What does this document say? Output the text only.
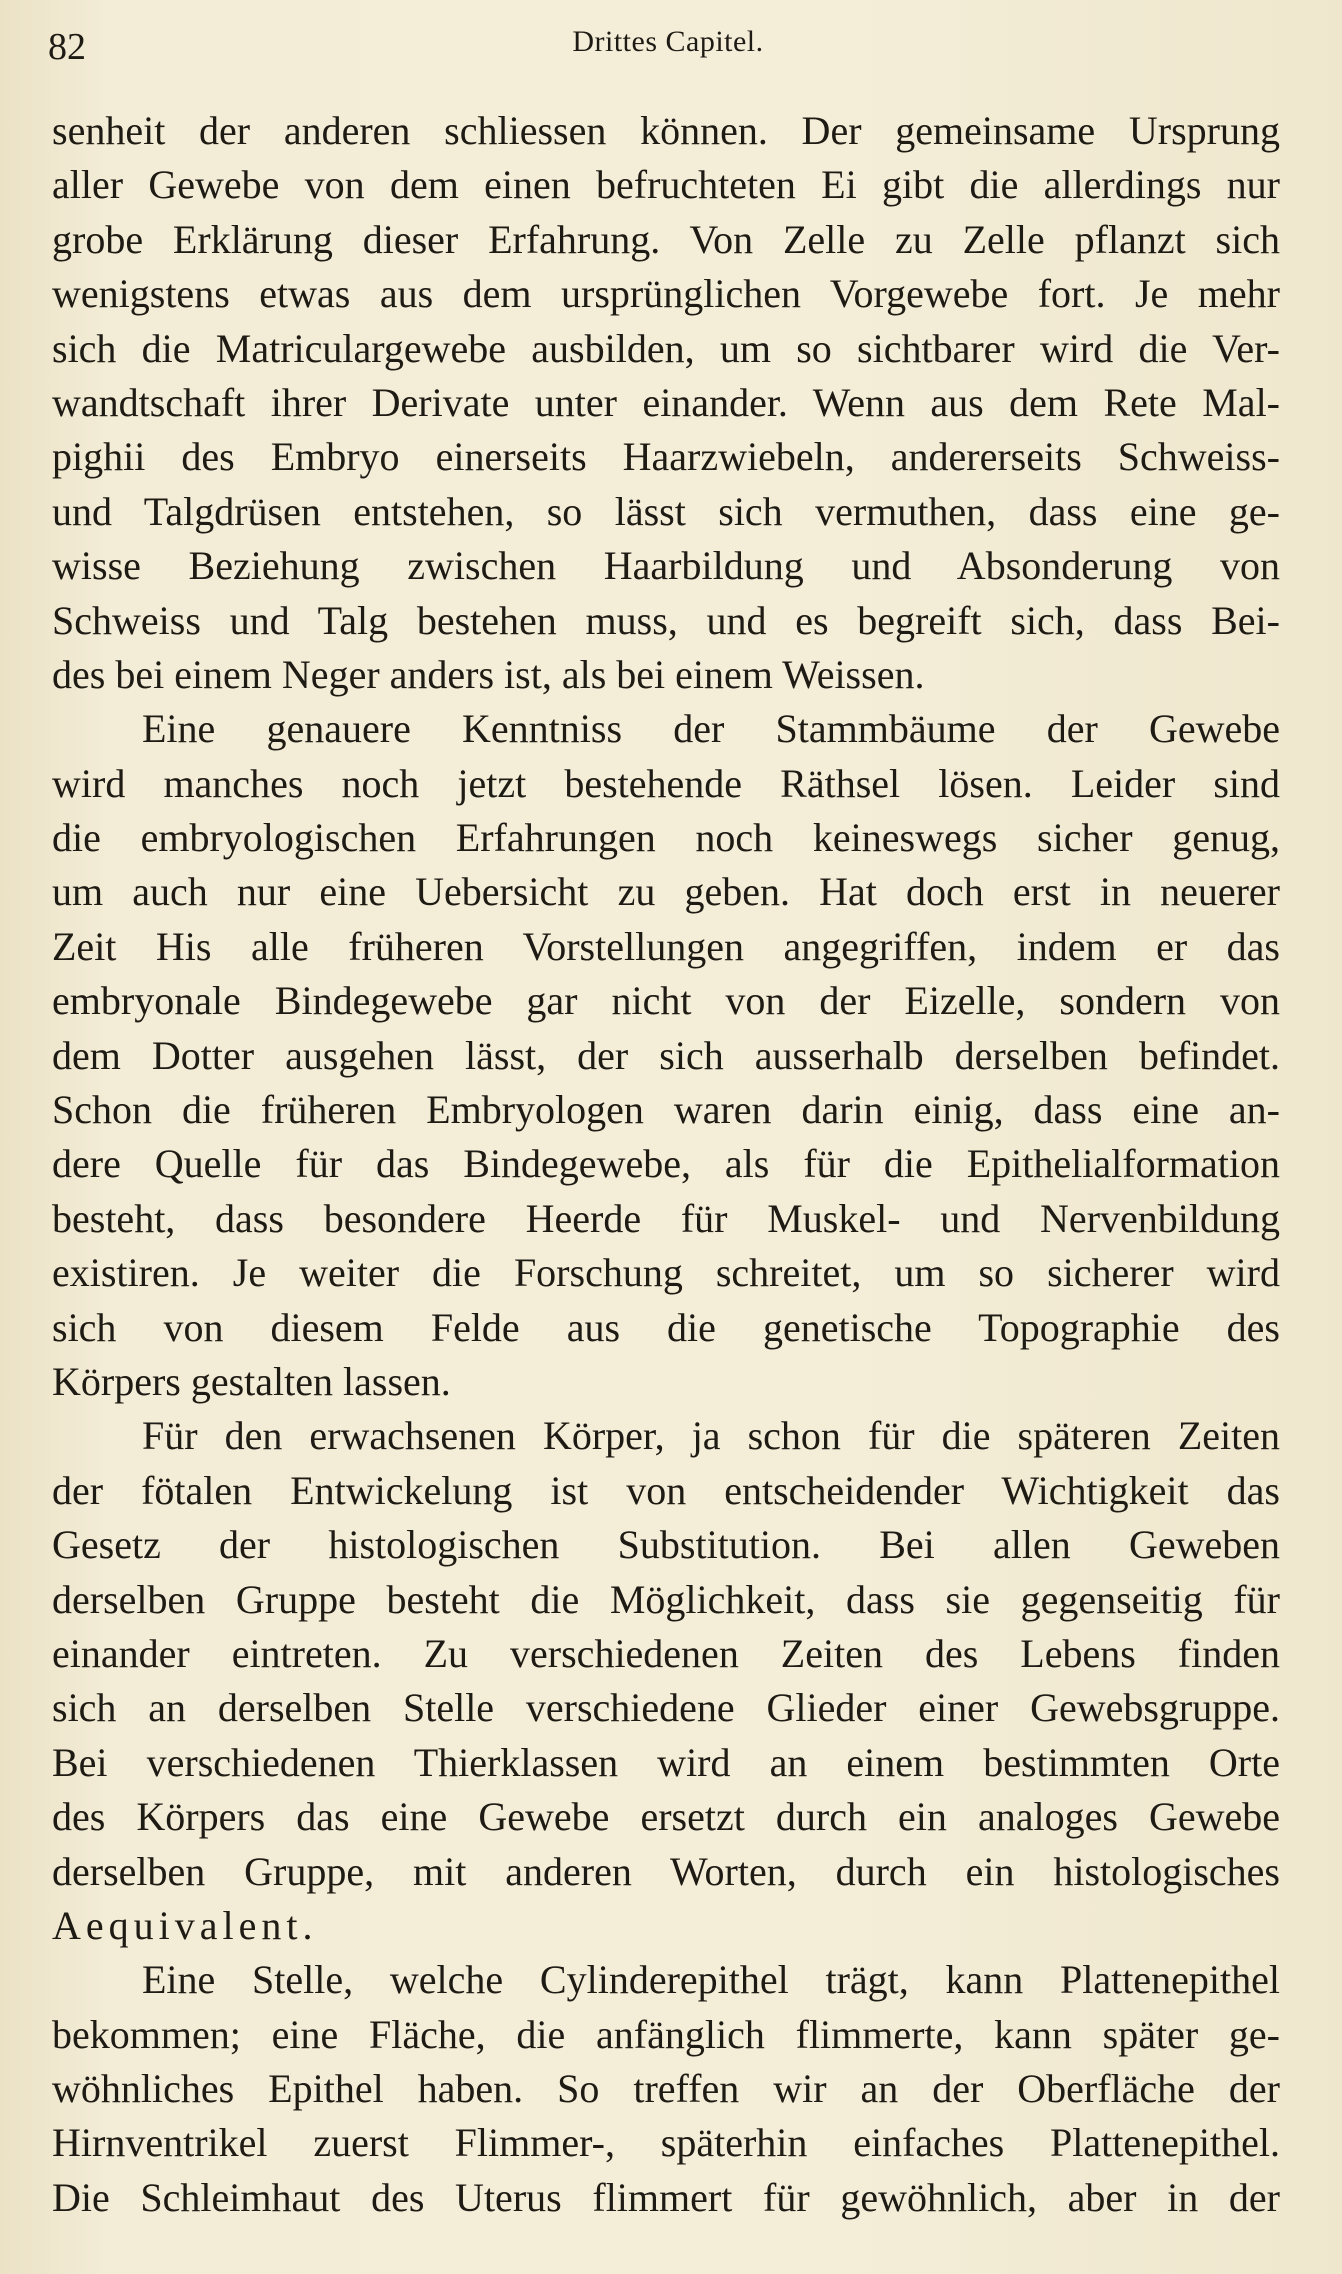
82	Drittes Capitel.
senheit der anderen schliessen können. Der gemeinsame Ursprung
aller Gewebe von dem einen befruchteten Ei gibt die allerdings nur
grobe Erklärung dieser Erfahrung. Von Zelle zu Zelle pflanzt sich
wenigstens etwas aus dem ursprünglichen Vorgewebe fort. Je mehr
sich die Matriculargewebe ausbilden, um so sichtbarer wird die Ver-
wandtschaft ihrer Derivate unter einander. Wenn aus dem Rete Mal-
pighii des Embryo einerseits Haarzwiebeln, andererseits Schweiss-
und Talgdrüsen entstehen, so lässt sich vermuthen, dass eine ge-
wisse Beziehung zwischen Haarbildung und Absonderung von
Schweiss und Talg bestehen muss, und es begreift sich, dass Bei-
des bei einem Neger anders ist, als bei einem Weissen.
Eine genauere Kenntniss der Stammbäume der Gewebe
wird manches noch jetzt bestehende Räthsel lösen. Leider sind
die embryologischen Erfahrungen noch keineswegs sicher genug,
um auch nur eine Uebersicht zu geben. Hat doch erst in neuerer
Zeit His alle früheren Vorstellungen angegriffen, indem er das
embryonale Bindegewebe gar nicht von der Eizelle, sondern von
dem Dotter ausgehen lässt, der sich ausserhalb derselben befindet.
Schon die früheren Embryologen waren darin einig, dass eine an-
dere Quelle für das Bindegewebe, als für die Epithelialformation
besteht, dass besondere Heerde für Muskel- und Nervenbildung
existiren. Je weiter die Forschung schreitet, um so sicherer wird
sich von diesem Felde aus die genetische Topographie des
Körpers gestalten lassen.
Für den erwachsenen Körper, ja schon für die späteren Zeiten
der fötalen Entwickelung ist von entscheidender Wichtigkeit das
Gesetz der histologischen Substitution. Bei allen Geweben
derselben Gruppe besteht die Möglichkeit, dass sie gegenseitig für
einander eintreten. Zu verschiedenen Zeiten des Lebens finden
sich an derselben Stelle verschiedene Glieder einer Gewebsgruppe.
Bei verschiedenen Thierklassen wird an einem bestimmten Orte
des Körpers das eine Gewebe ersetzt durch ein analoges Gewebe
derselben Gruppe, mit anderen Worten, durch ein histologisches
Aequivalent.
Eine Stelle, welche Cylinderepithel trägt, kann Plattenepithel
bekommen; eine Fläche, die anfänglich flimmerte, kann später ge-
wöhnliches Epithel haben. So treffen wir an der Oberfläche der
Hirnventrikel zuerst Flimmer-, späterhin einfaches Plattenepithel.
Die Schleimhaut des Uterus flimmert für gewöhnlich, aber in der
